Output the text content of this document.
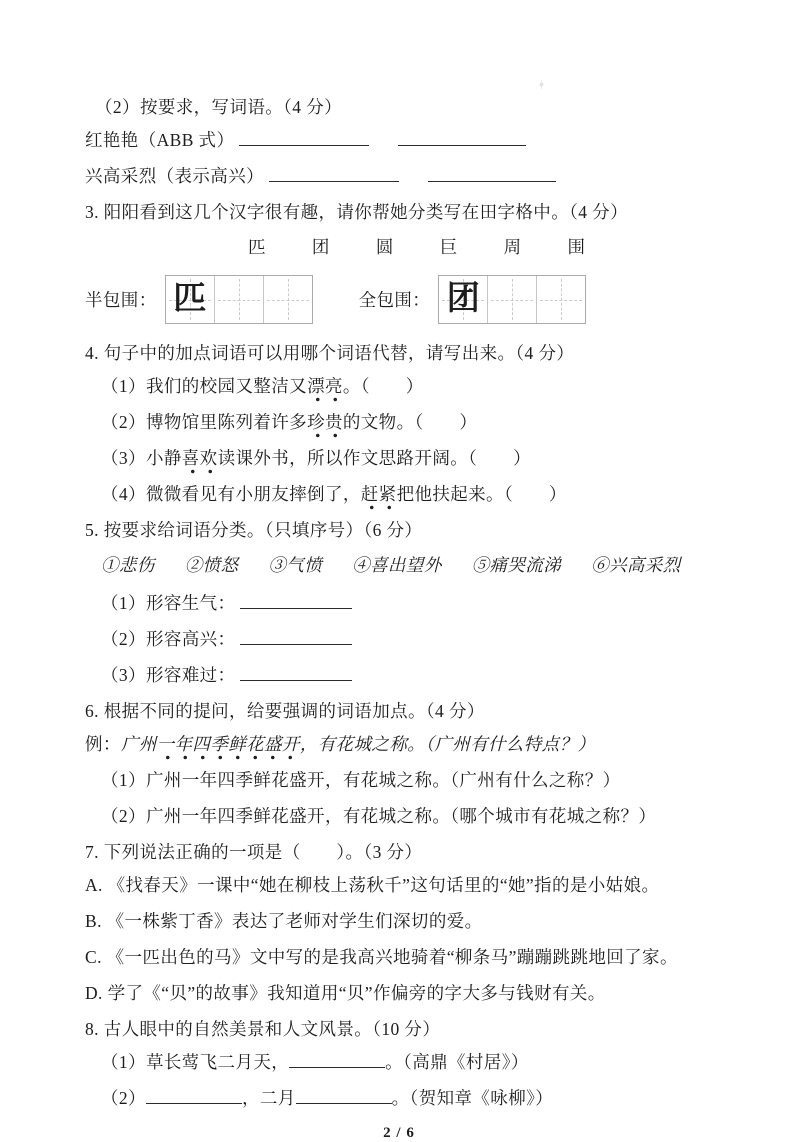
（2）按要求，写词语。（4 分）

红艳艳（ABB 式）

兴高采烈（表示高兴）

3. 阳阳看到这几个汉字很有趣，请你帮她分类写在田字格中。（4 分）

匹	团	圆	巨	周	围
半包围： 匹	全包围： 团

4. 句子中的加点词语可以用哪个词语代替，请写出来。（4 分）

（1）我们的校园又整洁又漂亮。（　　）

（2）博物馆里陈列着许多珍贵的文物。（　　）

（3）小静喜欢读课外书，所以作文思路开阔。（　　）

（4）微微看见有小朋友摔倒了，赶紧把他扶起来。（　　）

5. 按要求给词语分类。（只填序号）（6 分）

①悲伤 ②愤怒 ③气愤 ④喜出望外 ⑤痛哭流涕 ⑥兴高采烈

（1）形容生气：

（2）形容高兴：

（3）形容难过：

6. 根据不同的提问，给要强调的词语加点。（4 分）

例：广州一年四季鲜花盛开，有花城之称。（广州有什么特点？）

（1）广州一年四季鲜花盛开，有花城之称。（广州有什么之称？）

（2）广州一年四季鲜花盛开，有花城之称。（哪个城市有花城之称？）

7. 下列说法正确的一项是（　　）。（3 分）

A. 《找春天》一课中“她在柳枝上荡秋千”这句话里的“她”指的是小姑娘。

B. 《一株紫丁香》表达了老师对学生们深切的爱。

C. 《一匹出色的马》文中写的是我高兴地骑着“柳条马”蹦蹦跳跳地回了家。

D. 学了《“贝”的故事》我知道用“贝”作偏旁的字大多与钱财有关。

8. 古人眼中的自然美景和人文风景。（10 分）

（1）草长莺飞二月天，	。（高鼎《村居》）

（2）	，二月	。（贺知章《咏柳》）

2 / 6
